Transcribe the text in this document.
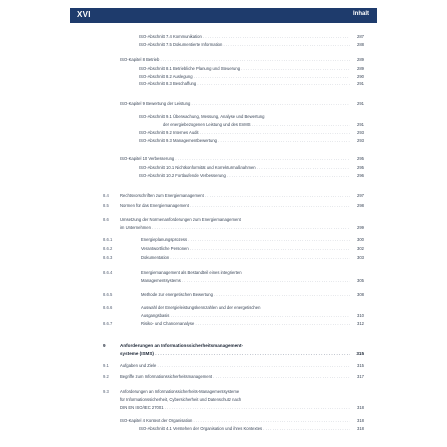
XVI	Inhalt
ISO-Abschnitt 7.4 Kommunikation . . .	287
ISO-Abschnitt 7.5 Dokumentierte Information . . .	288
ISO-Kapitel 8 Betrieb . . .	289
ISO-Abschnitt 8.1 Betriebliche Planung und Steuerung . . .	289
ISO-Abschnitt 8.2 Auslegung . . .	290
ISO-Abschnitt 8.3 Beschaffung . . .	291
ISO-Kapitel 9 Bewertung der Leistung . . .	291
ISO-Abschnitt 9.1 Überwachung, Messung, Analyse und Bewertung
der energiebezogenen Leistung und des EnMS . . .	291
ISO-Abschnitt 9.2 Internes Audit . . .	293
ISO-Abschnitt 9.3 Managementbewertung . . .	293
ISO-Kapitel 10 Verbesserung . . .	295
ISO-Abschnitt 10.1 Nichtkonformität und Korrekturmaßnahmen . . .	295
ISO-Abschnitt 10.2 Fortlaufende Verbesserung . . .	296
8.4	Rechtsvorschriften zum Energiemanagement . . .	297
8.5	Normen für das Energiemanagement . . .	298
8.6	Umsetzung der Normenanforderungen zum Energiemanagement
im Unternehmen . . .	299
8.6.1	Energieplanungsprozess . . .	300
8.6.2	Verantwortliche Personen . . .	302
8.6.3	Dokumentation . . .	303
8.6.4	Energiemanagement als Bestandteil eines integrierten
Managementsystems . . .	305
8.6.5	Methode zur energetischen Bewertung . . .	308
8.6.6	Auswahl der Energieleistungskennzahlen und der energetischen
Ausgangsbasis . . .	310
8.6.7	Risiko- und Chancenanalyse . . .	312
9	Anforderungen an Informationssicherheitsmanagement-
systeme (ISMS) . . .	315
9.1	Aufgaben und Ziele . . .	315
9.2	Begriffe zum Informationssicherheitsmanagement . . .	317
9.3	Anforderungen an Informationssicherheits-Managementsysteme
für Informationssicherheit, Cybersicherheit und Datenschutz nach
DIN EN ISO/IEC 27001 . . .	318
ISO-Kapitel 4 Kontext der Organisation . . .	318
ISO-Abschnitt 4.1 Verstehen der Organisation und ihres Kontextes . . .	318
